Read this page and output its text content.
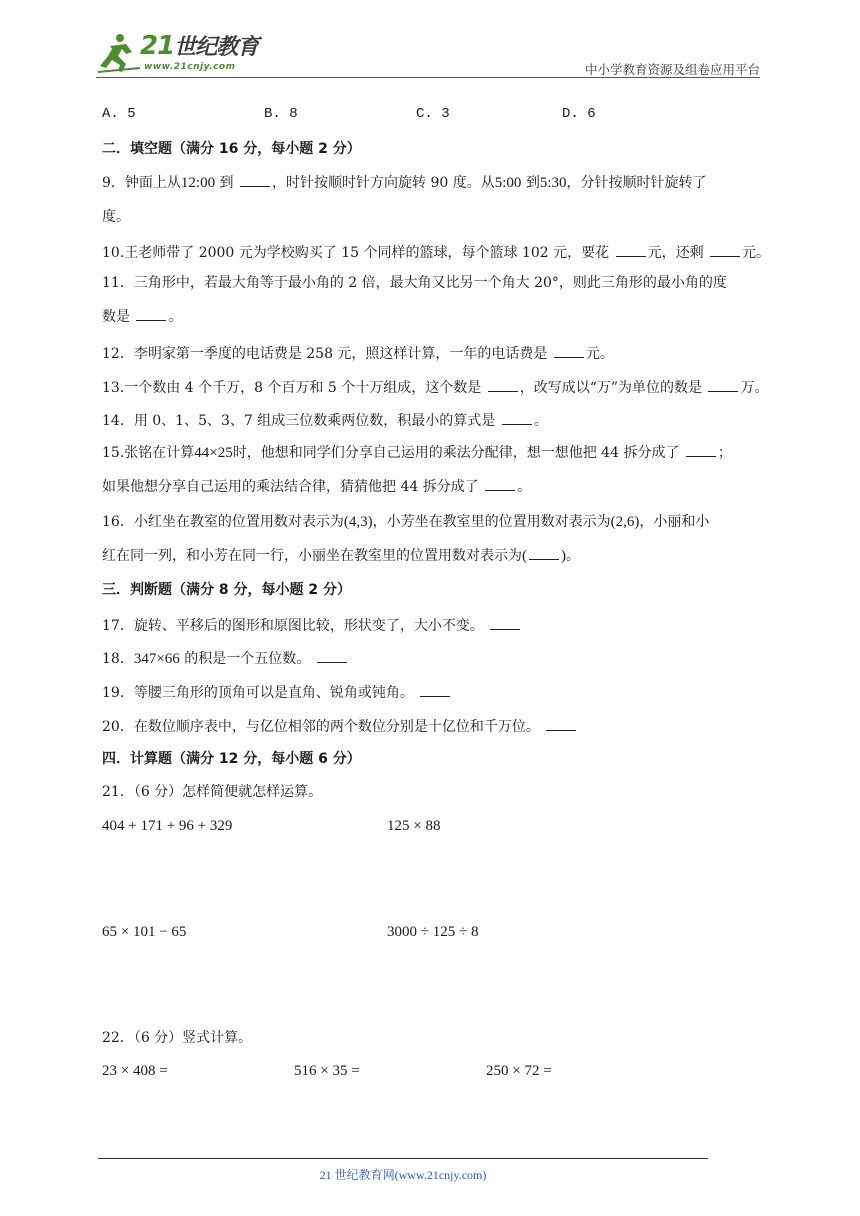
21世纪教育
www.21cnjy.com	中小学教育资源及组卷应用平台
A. 5	B. 8	C. 3	D. 6
二．填空题（满分 16 分，每小题 2 分）
9．钟面上从12:00 到	，时针按顺时针方向旋转 90 度。从5:00 到5:30，分针按顺时针旋转了
度。
10.王老师带了 2000 元为学校购买了 15 个同样的篮球，每个篮球 102 元，要花	元，还剩	元。
11．三角形中，若最大角等于最小角的 2 倍，最大角又比另一个角大 20°，则此三角形的最小角的度
数是	。
12．李明家第一季度的电话费是 258 元，照这样计算，一年的电话费是	元。
13.一个数由 4 个千万，8 个百万和 5 个十万组成，这个数是	，改写成以“万”为单位的数是	万。
14．用 0、1、5、3、7 组成三位数乘两位数，积最小的算式是	。
15.张铭在计算44×25时，他想和同学们分享自己运用的乘法分配律，想一想他把 44 拆分成了	；
如果他想分享自己运用的乘法结合律，猜猜他把 44 拆分成了	。
16．小红坐在教室的位置用数对表示为(4,3)，小芳坐在教室里的位置用数对表示为(2,6)，小丽和小
红在同一列，和小芳在同一行，小丽坐在教室里的位置用数对表示为( )。
三．判断题（满分 8 分，每小题 2 分）
17．旋转、平移后的图形和原图比较，形状变了，大小不变。
18．347×66 的积是一个五位数。
19．等腰三角形的顶角可以是直角、锐角或钝角。
20．在数位顺序表中，与亿位相邻的两个数位分别是十亿位和千万位。
四．计算题（满分 12 分，每小题 6 分）
21．（6 分）怎样简便就怎样运算。
404 + 171 + 96 + 329	125 × 88
65 × 101 − 65	3000 ÷ 125 ÷ 8
22．（6 分）竖式计算。
23 × 408 =	516 × 35 =	250 × 72 =
21 世纪教育网(www.21cnjy.com)
